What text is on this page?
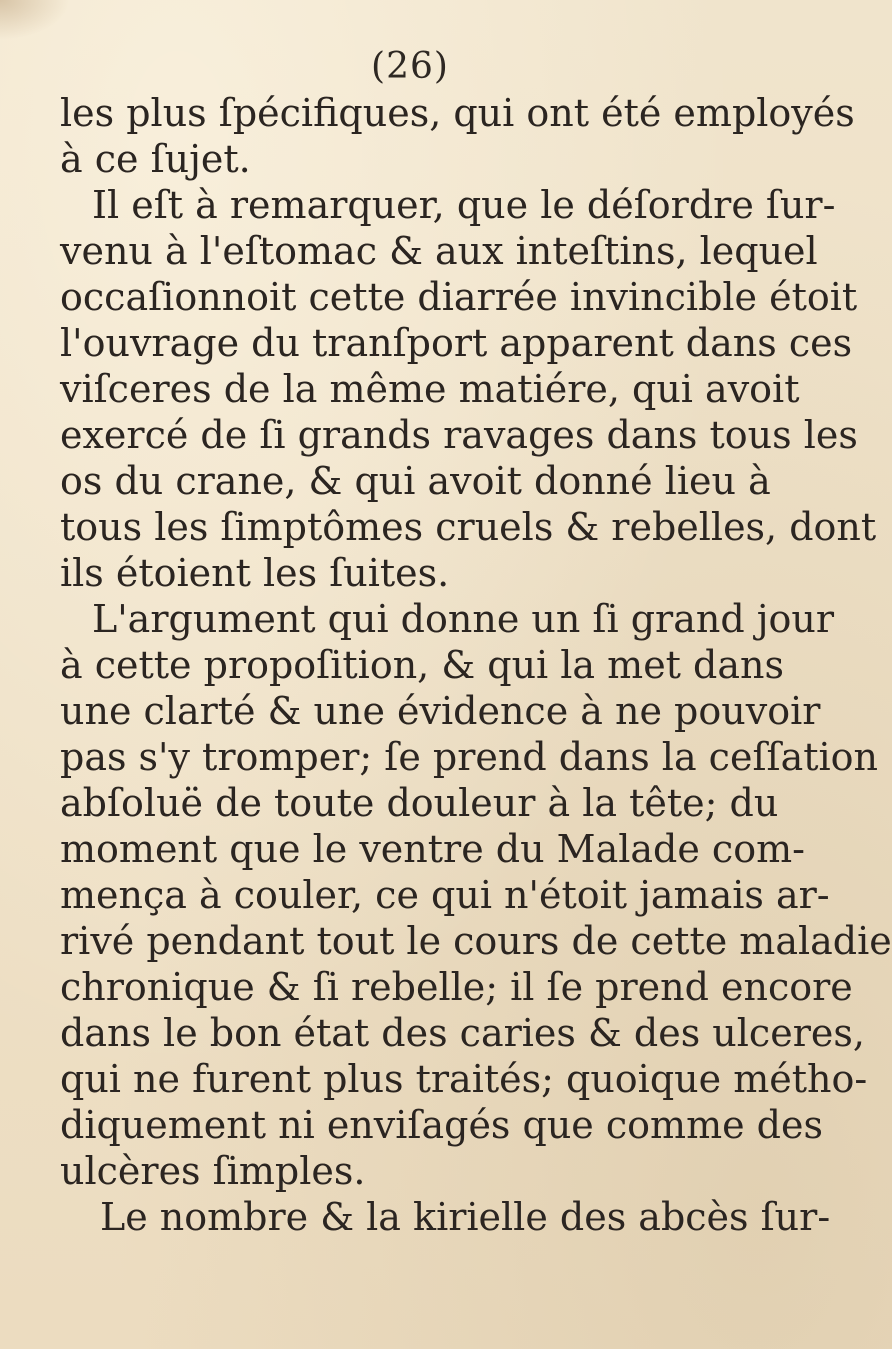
(26)
les plus ſpécifiques, qui ont été employés
à ce ſujet.
Il eſt à remarquer, que le déſordre ſur-
venu à l'eſtomac & aux inteſtins, lequel
occaſionnoit cette diarrée invincible étoit
l'ouvrage du tranſport apparent dans ces
viſceres de la même matiére, qui avoit
exercé de ſi grands ravages dans tous les
os du crane, & qui avoit donné lieu à
tous les ſimptômes cruels & rebelles, dont
ils étoient les ſuites.
L'argument qui donne un ſi grand jour
à cette propoſition, & qui la met dans
une clarté & une évidence à ne pouvoir
pas s'y tromper; ſe prend dans la ceſſation
abſoluë de toute douleur à la tête; du
moment que le ventre du Malade com-
mença à couler, ce qui n'étoit jamais ar-
rivé pendant tout le cours de cette maladie
chronique & ſi rebelle; il ſe prend encore
dans le bon état des caries & des ulceres,
qui ne furent plus traités; quoique métho-
diquement ni enviſagés que comme des
ulcères ſimples.
Le nombre & la kirielle des abcès ſur-
